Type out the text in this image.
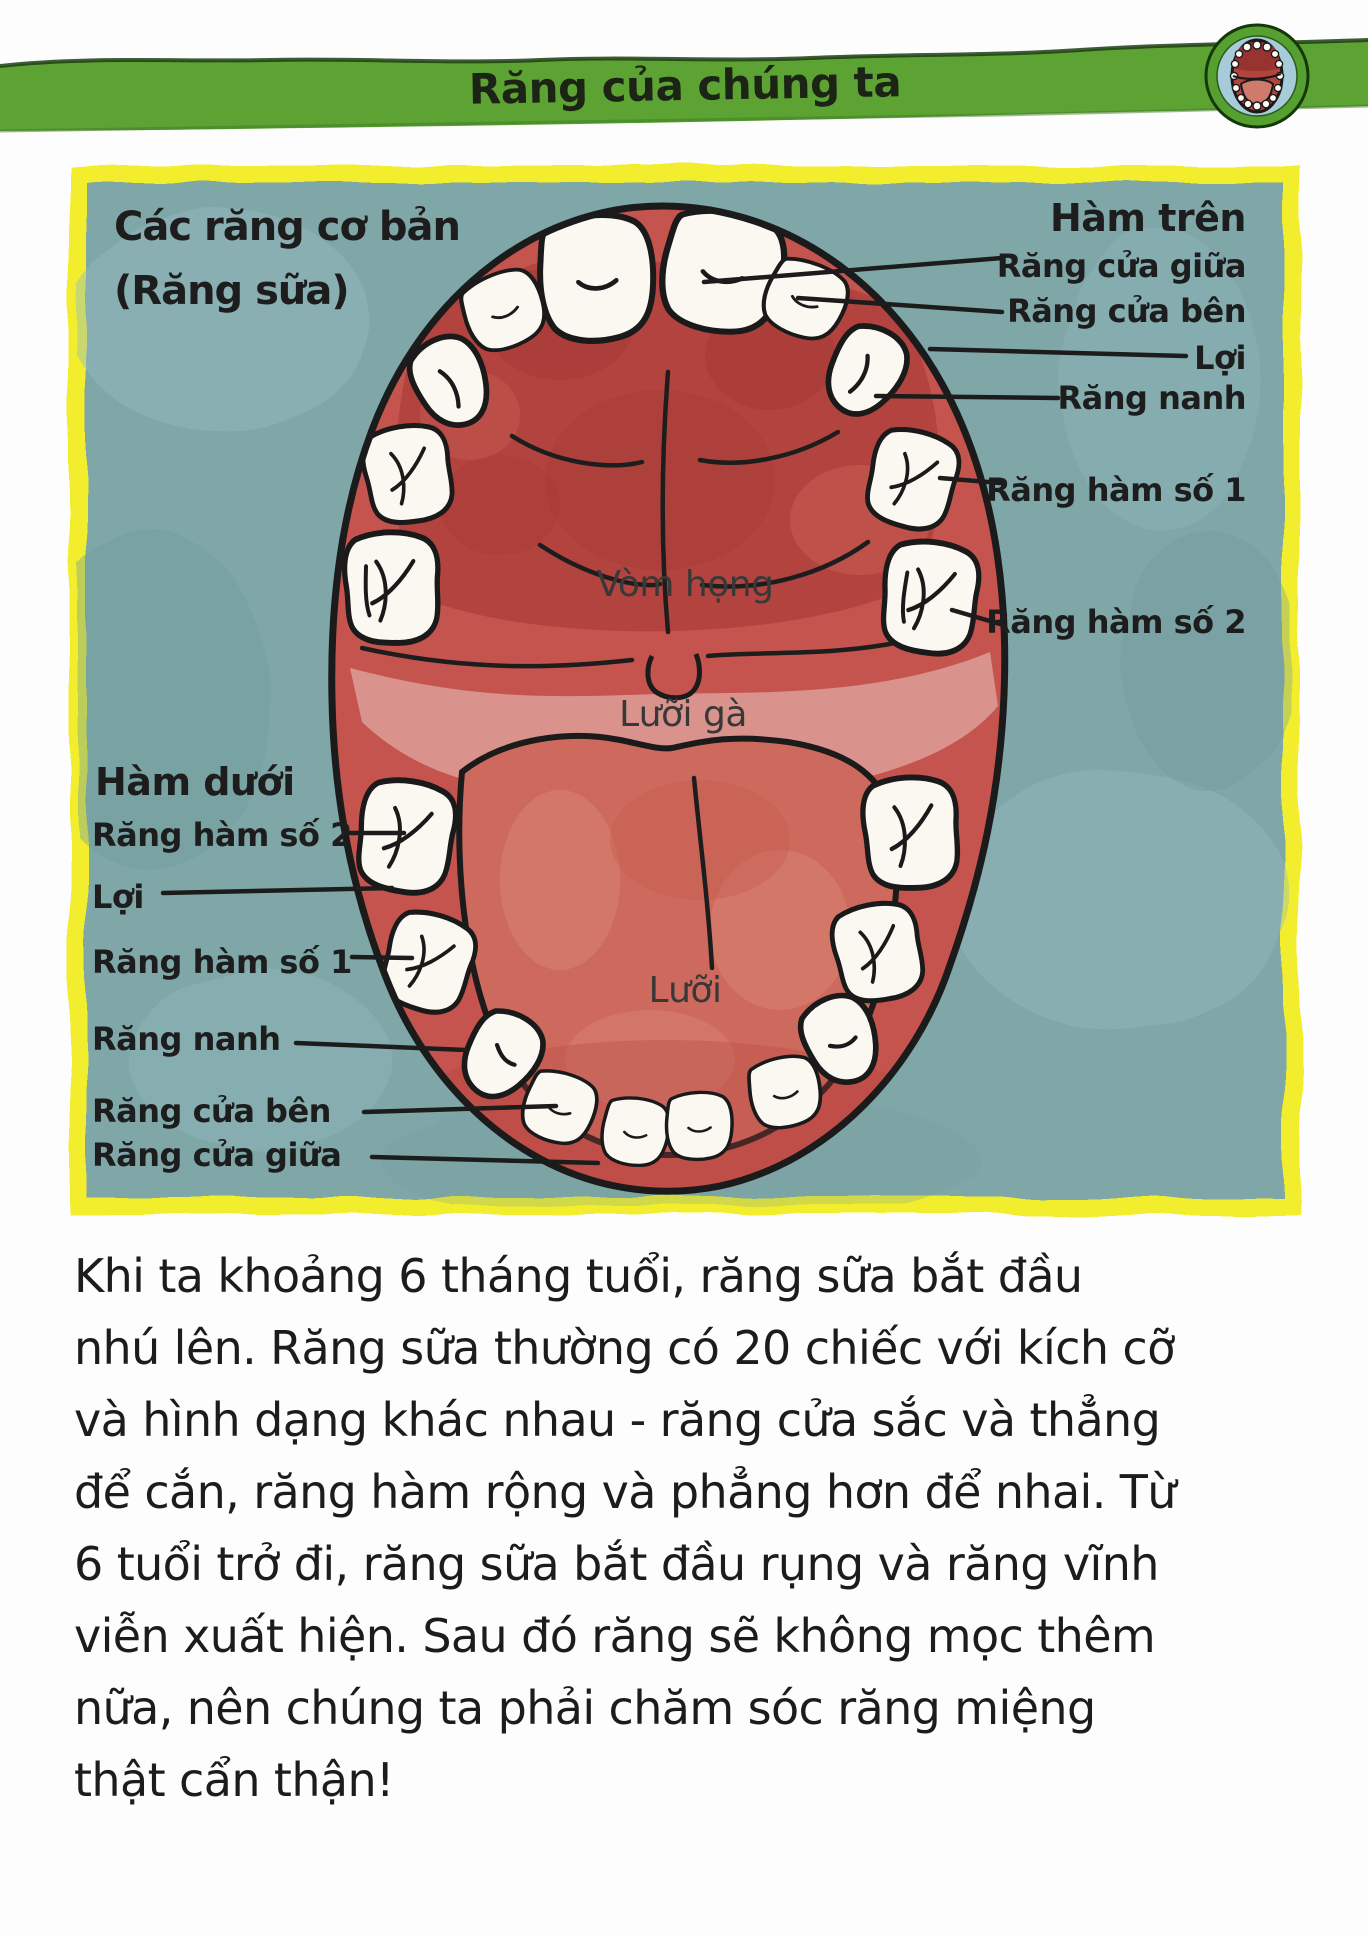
Răng của chúng ta
Các răng cơ bản
(Răng sữa)
Hàm trên
Răng cửa giữa
Răng cửa bên
Lợi
Răng nanh
Răng hàm số 1
Răng hàm số 2
Hàm dưới
Răng hàm số 2
Lợi
Răng hàm số 1
Răng nanh
Răng cửa bên
Răng cửa giữa
Vòm họng
Lưỡi gà
Lưỡi
Khi ta khoảng 6 tháng tuổi, răng sữa bắt đầu
nhú lên. Răng sữa thường có 20 chiếc với kích cỡ
và hình dạng khác nhau - răng cửa sắc và thẳng
để cắn, răng hàm rộng và phẳng hơn để nhai. Từ
6 tuổi trở đi, răng sữa bắt đầu rụng và răng vĩnh
viễn xuất hiện. Sau đó răng sẽ không mọc thêm
nữa, nên chúng ta phải chăm sóc răng miệng
thật cẩn thận!
